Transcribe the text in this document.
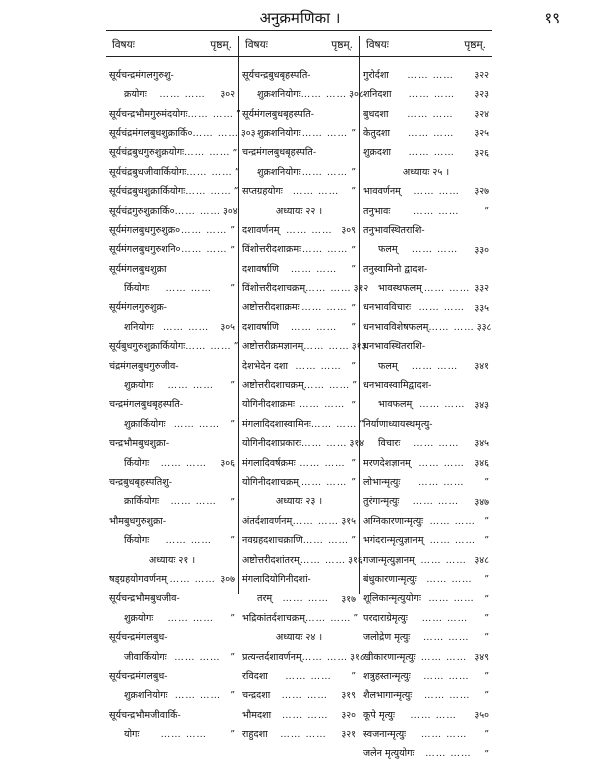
अनुक्रमणिका ।	१९
विषयः	पृष्ठम्.
सूर्यचन्द्रमंगलगुरुशु-
क्रयोगः	…… ……	३०२
सूर्यचन्द्रभौमगुरुमंदयोगः …… …… ”
सूर्यचंद्रमंगलबुधशुक्रार्कि० …… …… ३०३
सूर्यचंद्रबुधगुरुशुक्रयोगः …… …… ”
सूर्यचंद्रबुधजीवार्कियोगः …… …… ”
सूर्यचंद्रबुधशुक्रार्कियोगः …… …… ”
सूर्यचंद्रगुरुशुक्रार्कि० …… …… ३०४
सूर्यमंगलबुधगुरुशुक्र० …… …… ”
सूर्यमंगलबुधगुरुशनि० …… …… ”
सूर्यमंगलबुधशुक्रा
र्कियोगः	…… ……	”
सूर्यमंगलगुरुशुक्र-
शनियोगः …… ……	३०५
सूर्यबुधगुरुशुक्रार्कियोगः …… …… ”
चंद्रमंगलबुधगुरुजीव-
शुक्रयोगः	…… ……	”
चन्द्रमंगलबुधबृहस्पति-
शुक्रार्कियोगः …… ……	”
चन्द्रभौमबुधशुक्रा-
र्कियोगः	…… ……	३०६
चन्द्रबुधबृहस्पतिशु-
क्रार्कियोगः	…… ……	”
भौमबुधगुरुशुक्रा-
र्कियोगः	…… ……	”
अध्यायः २१ ।
षड्ग्रहयोगवर्णनम् …… …… ३०७
सूर्यचन्द्रभौमबुधजीव-
शुक्रयोगः	…… ……	”
सूर्यचन्द्रमंगलबुध-
जीवार्कियोगः …… ……	”
सूर्यचन्द्रमंगलबुध-
शुक्रशनियोगः …… …… ”
सूर्यचन्द्रभौमजीवार्कि-
योगः	…… ……	”
विषयः	पृष्ठम्.
सूर्यचन्द्रबुधबृहस्पति-
शुक्रशनियोगः …… …… ३०८
सूर्यमंगलबुधबृहस्पति-
शुक्रशनियोगः …… …… ”
चन्द्रमंगलबुधबृहस्पति-
शुक्रशनियोगः …… …… ”
सप्तग्रहयोगः	…… ……	”
अध्यायः २२ ।
दशावर्णनम् …… …… ३०९
विंशोत्तरीदशाक्रमः …… …… ”
दशावर्षाणि	…… ……	”
विंशोत्तरीदशाचक्रम् …… …… ३१२
अष्टोत्तरीदशाक्रमः …… …… ”
दशावर्षाणि	…… ……	”
अष्टोत्तरीक्रमज्ञानम् …… …… ३१३
देशभेदेन दशा …… ……	”
अष्टोत्तरीदशाचक्रम् …… …… ”
योगिनीदशाक्रमः …… …… ”
मंगलादिदशास्वामिनः …… …… ”
योगिनीदशाप्रकारः …… …… ३१४
मंगलादिवर्षक्रमः …… …… ”
योगिनीदशाचक्रम् …… …… ”
अध्यायः २३ ।
अंतर्दशावर्णनम् …… …… ३१५
नवग्रहदशाचक्राणि …… …… ”
अष्टोत्तरीदशांतरम् …… …… ३१६
मंगलादियोगिनीदशां-
तरम्	…… ……	३१७
भद्रिकांतर्दशाचक्रम् …… …… ”
अध्यायः २४ ।
प्रत्यन्तर्दशावर्णनम् …… …… ३१८
रविदशा	…… ……	”
चन्द्रदशा	…… ……	३१९
भौमदशा	…… ……	३२०
राहुदशा	…… ……	३२१
विषयः	पृष्ठम्.
गुरोर्दशा	…… ……	३२२
शनिदशा	…… ……	३२३
बुधदशा	…… ……	३२४
केतुदशा	…… ……	३२५
शुक्रदशा	…… ……	३२६
अध्यायः २५ ।
भाववर्णनम्	…… ……	३२७
तनुभावः	…… ……	”
तनुभावस्थितराशि-
फलम्	…… ……	३३०
तनुस्वामिनो द्वादश-
भावस्थफलम् …… …… ३३२
धनभावविचारः …… ……	३३५
धनभावविशेषफलम् …… …… ३३८
धनभावस्थितराशि-
फलम्	…… ……	३४१
धनभावस्वामिद्वादश-
भावफलम् …… …… ३४३
निर्याणाध्यायस्थमृत्यु-
विचारः	…… ……	३४५
मरणदेशज्ञानम् …… ……	३४६
लोभान्मृत्युः	…… ……	”
तुरंगान्मृत्युः	…… ……	३४७
अग्निकारणान्मृत्युः …… …… ”
भगंदरान्मृत्युज्ञानम् …… …… ”
गजान्मृत्युज्ञानम् …… …… ३४८
बंधुकारणान्मृत्युः …… ……	”
शूलिकान्मृत्युयोगः …… ……	”
परदाराग्रेमृत्युः	…… ……	”
जलोद्रेण मृत्युः	…… ……	”
खीकारणान्मृत्युः …… …… ३४९
शत्रुहस्तान्मृत्युः	…… ……	”
शैलभागान्मृत्युः	…… ……	”
कूपे मृत्युः	…… ……	३५०
स्वजनान्मृत्युः	…… ……	”
जलेन मृत्युयोगः	…… ……	”
